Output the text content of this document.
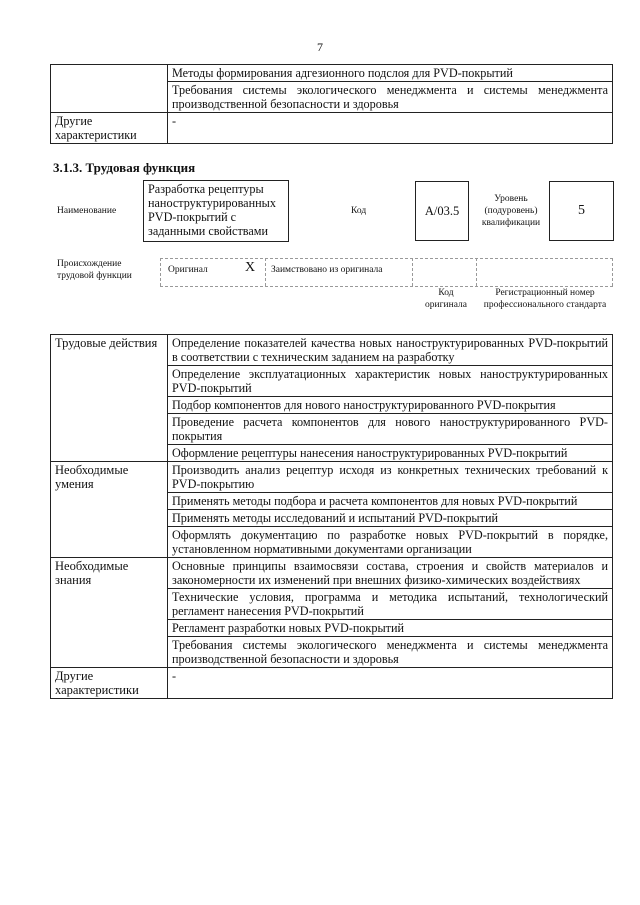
7
	Методы формирования адгезионного подслоя для PVD-покрытий
	Требования системы экологического менеджмента и системы менеджмента производственной безопасности и здоровья
Другие характеристики	-
3.1.3. Трудовая функция
Наименование
Разработка рецептуры наноструктурированных PVD-покрытий с заданными свойствами
Код	А/03.5
Уровень (подуровень) квалификации
5
Происхождение трудовой функции
Оригинал	X Заимствовано из оригинала
Код оригинала
Регистрационный номер профессионального стандарта
Трудовые действия	Определение показателей качества новых наноструктурированных PVD-покрытий в соответствии с техническим заданием на разработку
	Определение эксплуатационных характеристик новых наноструктурированных PVD-покрытий
	Подбор компонентов для нового наноструктурированного PVD-покрытия
	Проведение расчета компонентов для нового наноструктурированного PVD-покрытия
	Оформление рецептуры нанесения наноструктурированных PVD-покрытий
Необходимые умения	Производить анализ рецептур исходя из конкретных технических требований к PVD-покрытию
	Применять методы подбора и расчета компонентов для новых PVD-покрытий
	Применять методы исследований и испытаний PVD-покрытий
	Оформлять документацию по разработке новых PVD-покрытий в порядке, установленном нормативными документами организации
Необходимые знания	Основные принципы взаимосвязи состава, строения и свойств материалов и закономерности их изменений при внешних физико-химических воздействиях
	Технические условия, программа и методика испытаний, технологический регламент нанесения PVD-покрытий
	Регламент разработки новых PVD-покрытий
	Требования системы экологического менеджмента и системы менеджмента производственной безопасности и здоровья
Другие характеристики	-
